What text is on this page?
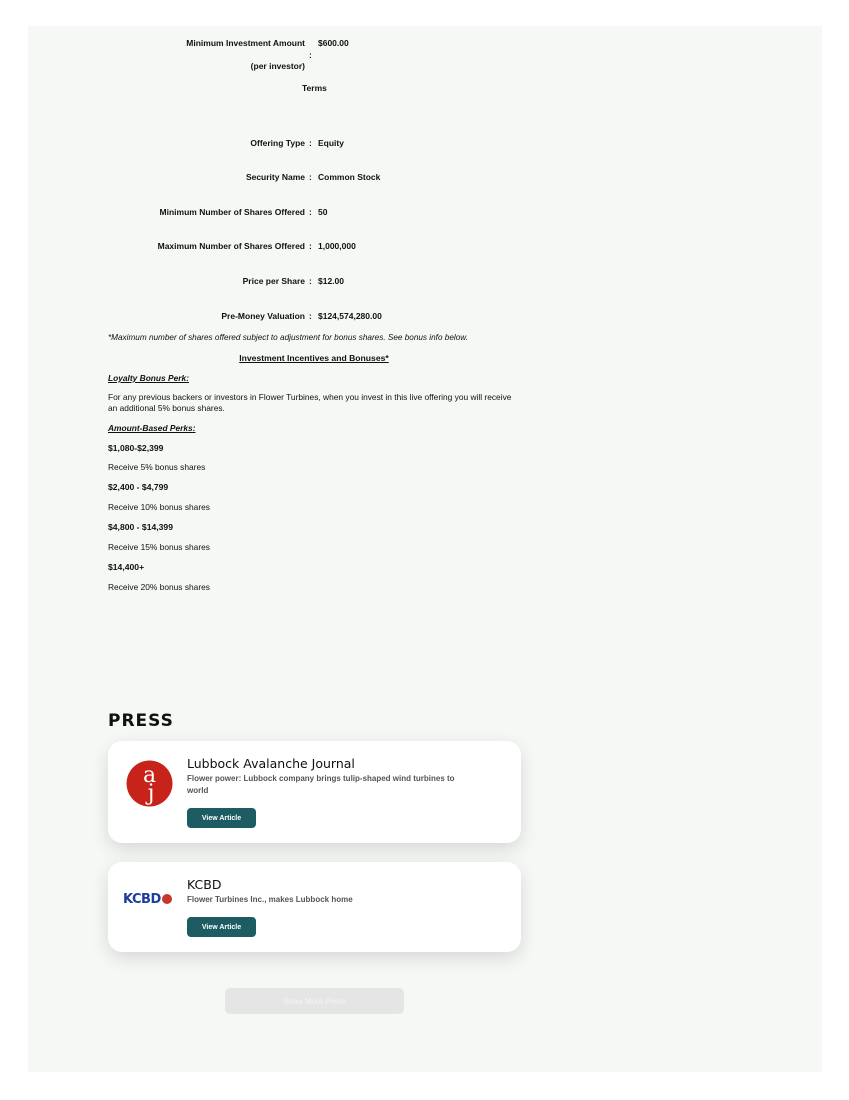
Minimum Investment Amount $600.00
:
(per investor)
Terms
Offering Type : Equity
Security Name : Common Stock
Minimum Number of Shares Offered : 50
Maximum Number of Shares Offered : 1,000,000
Price per Share : $12.00
Pre-Money Valuation : $124,574,280.00
*Maximum number of shares offered subject to adjustment for bonus shares. See bonus info below.
Investment Incentives and Bonuses*
Loyalty Bonus Perk:
For any previous backers or investors in Flower Turbines, when you invest in this live offering you will receive an additional 5% bonus shares.
Amount-Based Perks:
$1,080-$2,399
Receive 5% bonus shares
$2,400 - $4,799
Receive 10% bonus shares
$4,800 - $14,399
Receive 15% bonus shares
$14,400+
Receive 20% bonus shares
PRESS
a
j
Lubbock Avalanche Journal
Flower power: Lubbock company brings tulip-shaped wind turbines to world
View Article
KCBD
KCBD
Flower Turbines Inc., makes Lubbock home
View Article
Show More Press
